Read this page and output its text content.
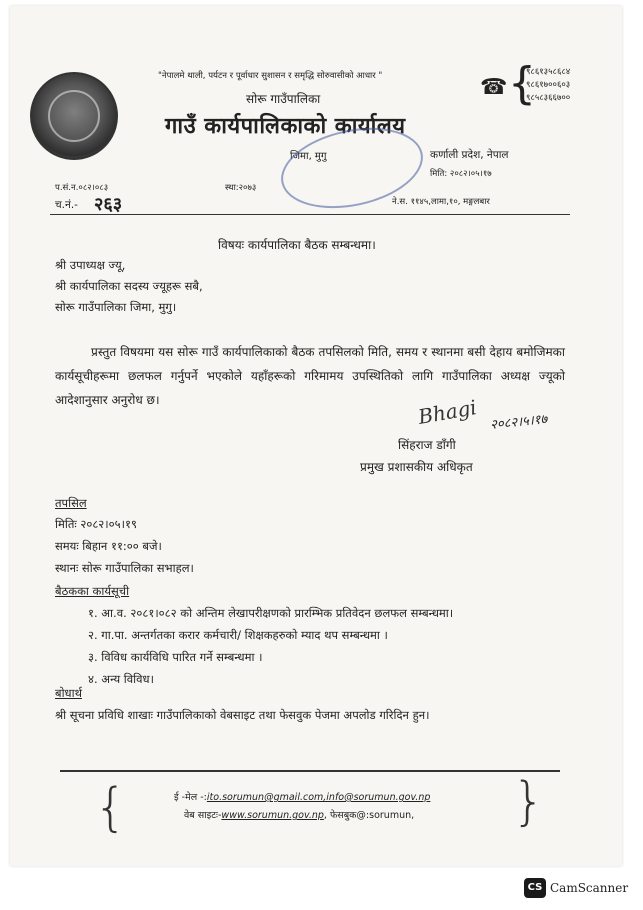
"नेपालमे थाली, पर्यटन र पूर्वाधार सुशासन र समृद्धि सोरुवासीको आधार "
सोरू गाउँपालिका
गाउँ कार्यपालिकाको कार्यालय
जिमा, मुगु
☎ {
९८६१३५८६८४
९८६१७००६०३
९८५८३६६७००
कर्णाली प्रदेश, नेपाल
मिति: २०८२।०५।१७
प.सं.न.०८२।०८३	स्था:२०७३
च.नं.- २६३	ने.स. ११४५,लामा,१०, मङ्गलबार
विषयः कार्यपालिका बैठक सम्बन्धमा।
श्री उपाध्यक्ष ज्यू,
श्री कार्यपालिका सदस्य ज्यूहरू सबै,
सोरू गाउँपालिका जिमा, मुगु।
प्रस्तुत विषयमा यस सोरू गाउँ कार्यपालिकाको बैठक तपसिलको मिति, समय र स्थानमा बसी देहाय बमोजिमका कार्यसूचीहरूमा छलफल गर्नुपर्ने भएकोले यहाँहरूको गरिमामय उपस्थितिको लागि गाउँपालिका अध्यक्ष ज्यूको आदेशानुसार अनुरोध छ।	Bhagi २०८२।५।१७
सिंहराज डाँगी
प्रमुख प्रशासकीय अधिकृत
तपसिल
मितिः २०८२।०५।१९
समयः बिहान ११:०० बजे।
स्थानः सोरू गाउँपालिका सभाहल।
बैठकका कार्यसूची
१. आ.व. २०८१।०८२ को अन्तिम लेखापरीक्षणको प्रारम्भिक प्रतिवेदन छलफल सम्बन्धमा।
२. गा.पा. अन्तर्गतका करार कर्मचारी/ शिक्षकहरुको म्याद थप सम्बन्धमा ।
३. विविध कार्यविधि पारित गर्ने सम्बन्धमा ।
४. अन्य विविध।
बोधार्थ
श्री सूचना प्रविधि शाखाः गाउँपालिकाको वेबसाइट तथा फेसवुक पेजमा अपलोड गरिदिन हुन।
{	}
ई -मेल -:ito.sorumun@gmail.com,info@sorumun.gov.np
वेब साइटः-www.sorumun.gov.np, फेसबुक@:sorumun,
CS CamScanner
